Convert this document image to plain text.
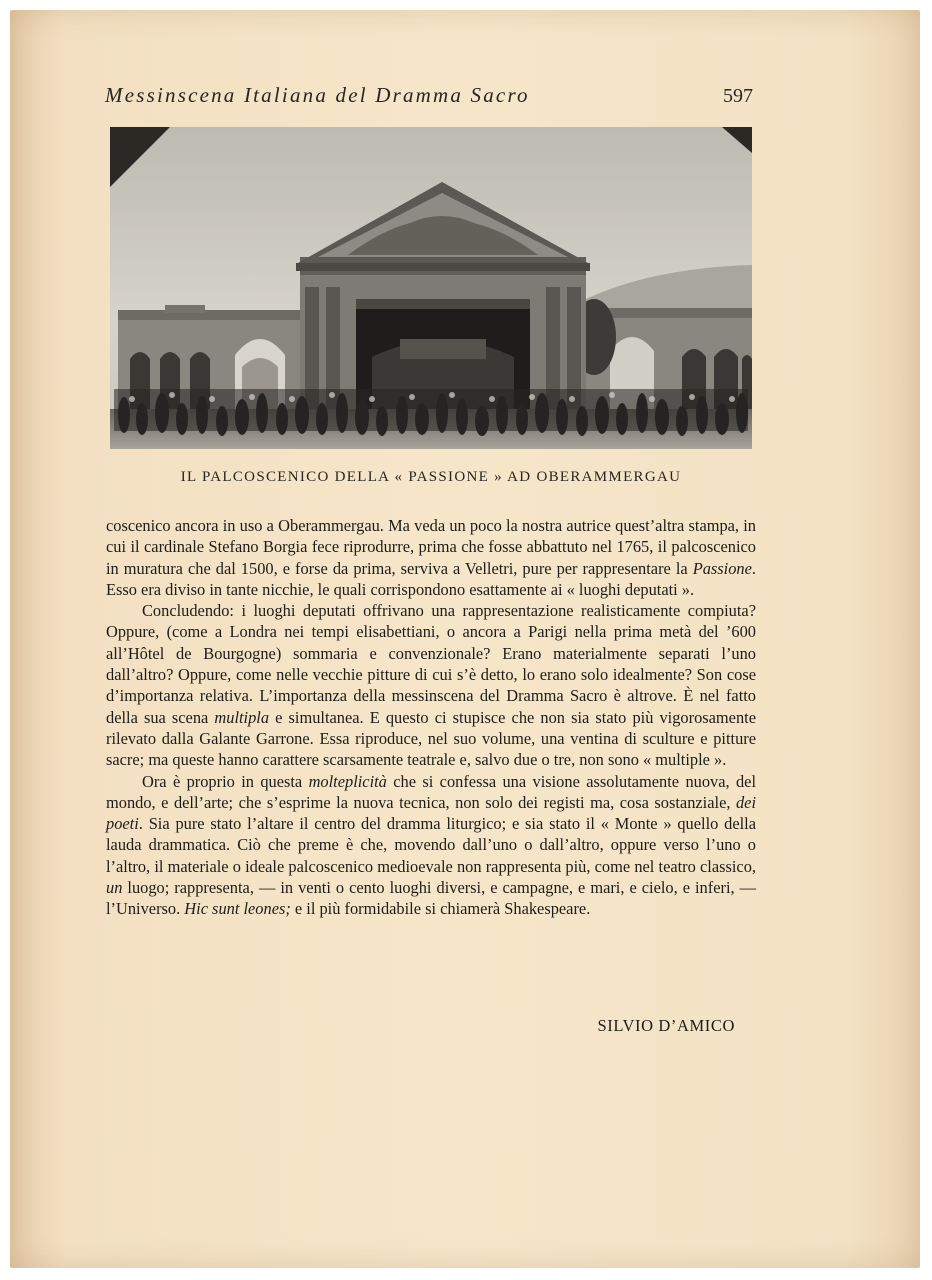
Messinscena Italiana del Dramma Sacro	597
IL PALCOSCENICO DELLA « PASSIONE » AD OBERAMMERGAU

coscenico ancora in uso a Oberammergau. Ma veda un poco la nostra autrice quest’altra stampa, in cui il cardinale Stefano Borgia fece riprodurre, prima che fosse abbattuto nel 1765, il palcoscenico in muratura che dal 1500, e forse da prima, serviva a Velletri, pure per rappresentare la Passione. Esso era diviso in tante nicchie, le quali corrispondono esattamente ai « luoghi deputati ».

Concludendo: i luoghi deputati offrivano una rappresentazione realisticamente compiuta? Oppure, (come a Londra nei tempi elisabettiani, o ancora a Parigi nella prima metà del ’600 all’Hôtel de Bourgogne) sommaria e convenzionale? Erano materialmente separati l’uno dall’altro? Oppure, come nelle vecchie pitture di cui s’è detto, lo erano solo idealmente? Son cose d’importanza relativa. L’importanza della messinscena del Dramma Sacro è altrove. È nel fatto della sua scena multipla e simultanea. E questo ci stupisce che non sia stato più vigorosamente rilevato dalla Galante Garrone. Essa riproduce, nel suo volume, una ventina di sculture e pitture sacre; ma queste hanno carattere scarsamente teatrale e, salvo due o tre, non sono « multiple ».

Ora è proprio in questa molteplicità che si confessa una visione assolutamente nuova, del mondo, e dell’arte; che s’esprime la nuova tecnica, non solo dei registi ma, cosa sostanziale, dei poeti. Sia pure stato l’altare il centro del dramma liturgico; e sia stato il « Monte » quello della lauda drammatica. Ciò che preme è che, movendo dall’uno o dall’altro, oppure verso l’uno o l’altro, il materiale o ideale palcoscenico medioevale non rappresenta più, come nel teatro classico, un luogo; rappresenta, — in venti o cento luoghi diversi, e campagne, e mari, e cielo, e inferi, — l’Universo. Hic sunt leones; e il più formidabile si chiamerà Shakespeare.

SILVIO D’AMICO
